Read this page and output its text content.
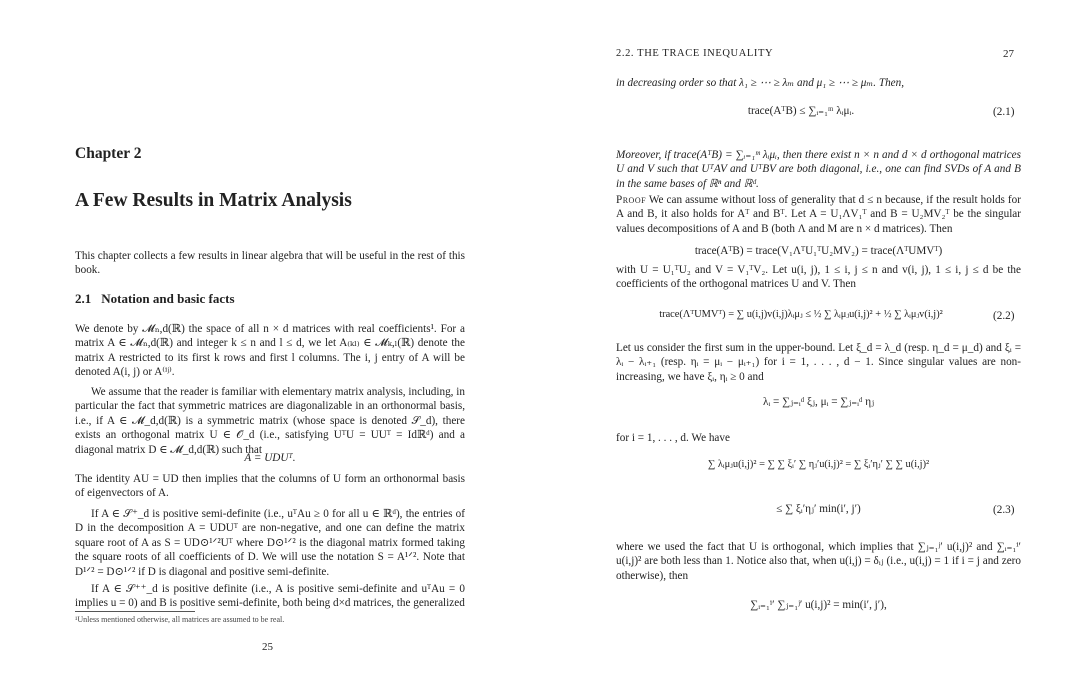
Chapter 2
A Few Results in Matrix Analysis
This chapter collects a few results in linear algebra that will be useful in the rest of this book.
2.1 Notation and basic facts
We denote by 𝓜ₙ,d(ℝ) the space of all n × d matrices with real coefficients¹. For a matrix A ∈ 𝓜ₙ,d(ℝ) and integer k ≤ n and l ≤ d, we let A₍ₖₗ₎ ∈ 𝓜ₖ,ₗ(ℝ) denote the matrix A restricted to its first k rows and first l columns. The i, j entry of A will be denoted A(i, j) or A⁽ⁱʲ⁾.
We assume that the reader is familiar with elementary matrix analysis, including, in particular the fact that symmetric matrices are diagonalizable in an orthonormal basis, i.e., if A ∈ 𝓜_d,d(ℝ) is a symmetric matrix (whose space is denoted 𝒮_d), there exists an orthogonal matrix U ∈ 𝒪_d (i.e., satisfying UᵀU = UUᵀ = Idℝᵈ) and a diagonal matrix D ∈ 𝓜_d,d(ℝ) such that
A = UDUᵀ.
The identity AU = UD then implies that the columns of U form an orthonormal basis of eigenvectors of A.
If A ∈ 𝒮⁺_d is positive semi-definite (i.e., uᵀAu ≥ 0 for all u ∈ ℝᵈ), the entries of D in the decomposition A = UDUᵀ are non-negative, and one can define the matrix square root of A as S = UD⊙¹ᐟ²Uᵀ where D⊙¹ᐟ² is the diagonal matrix formed taking the square roots of all coefficients of D. We will use the notation S = A¹ᐟ². Note that D¹ᐟ² = D⊙¹ᐟ² if D is diagonal and positive semi-definite.
If A ∈ 𝒮⁺⁺_d is positive definite (i.e., A is positive semi-definite and uᵀAu = 0 implies u = 0) and B is positive semi-definite, both being d×d matrices, the generalized
¹Unless mentioned otherwise, all matrices are assumed to be real.
25
2.2. THE TRACE INEQUALITY	27
in decreasing order so that λ₁ ≥ ⋯ ≥ λₘ and μ₁ ≥ ⋯ ≥ μₘ. Then,
trace(AᵀB) ≤ ∑ᵢ₌₁ᵐ λᵢμᵢ.	(2.1)
Moreover, if trace(AᵀB) = ∑ᵢ₌₁ᵐ λᵢμᵢ, then there exist n × n and d × d orthogonal matrices U and V such that UᵀAV and UᵀBV are both diagonal, i.e., one can find SVDs of A and B in the same bases of ℝⁿ and ℝᵈ.
Proof We can assume without loss of generality that d ≤ n because, if the result holds for A and B, it also holds for Aᵀ and Bᵀ. Let A = U₁ΛV₁ᵀ and B = U₂MV₂ᵀ be the singular values decompositions of A and B (both Λ and M are n × d matrices). Then
trace(AᵀB) = trace(V₁ΛᵀU₁ᵀU₂MV₂) = trace(ΛᵀUMVᵀ)
with U = U₁ᵀU₂ and V = V₁ᵀV₂. Let u(i, j), 1 ≤ i, j ≤ n and v(i, j), 1 ≤ i, j ≤ d be the coefficients of the orthogonal matrices U and V. Then
trace(ΛᵀUMVᵀ) = ∑ u(i,j)v(i,j)λᵢμⱼ ≤ ½ ∑ λᵢμⱼu(i,j)² + ½ ∑ λᵢμⱼv(i,j)²	(2.2)
Let us consider the first sum in the upper-bound. Let ξ_d = λ_d (resp. η_d = μ_d) and ξᵢ = λᵢ − λᵢ₊₁ (resp. ηᵢ = μᵢ − μᵢ₊₁) for i = 1, . . . , d − 1. Since singular values are non-increasing, we have ξᵢ, ηᵢ ≥ 0 and
λᵢ = ∑ⱼ₌ᵢᵈ ξⱼ, μᵢ = ∑ⱼ₌ᵢᵈ ηⱼ
for i = 1, . . . , d. We have
∑ λᵢμⱼu(i,j)² = ∑ ∑ ξᵢ′ ∑ ηⱼ′u(i,j)² = ∑ ξᵢ′ηⱼ′ ∑ ∑ u(i,j)²
≤ ∑ ξᵢ′ηⱼ′ min(i′, j′)	(2.3)
where we used the fact that U is orthogonal, which implies that ∑ⱼ₌₁ʲ′ u(i,j)² and ∑ᵢ₌₁ⁱ′ u(i,j)² are both less than 1. Notice also that, when u(i,j) = δᵢⱼ (i.e., u(i,j) = 1 if i = j and zero otherwise), then
∑ᵢ₌₁ⁱ′ ∑ⱼ₌₁ʲ′ u(i,j)² = min(i′, j′),
